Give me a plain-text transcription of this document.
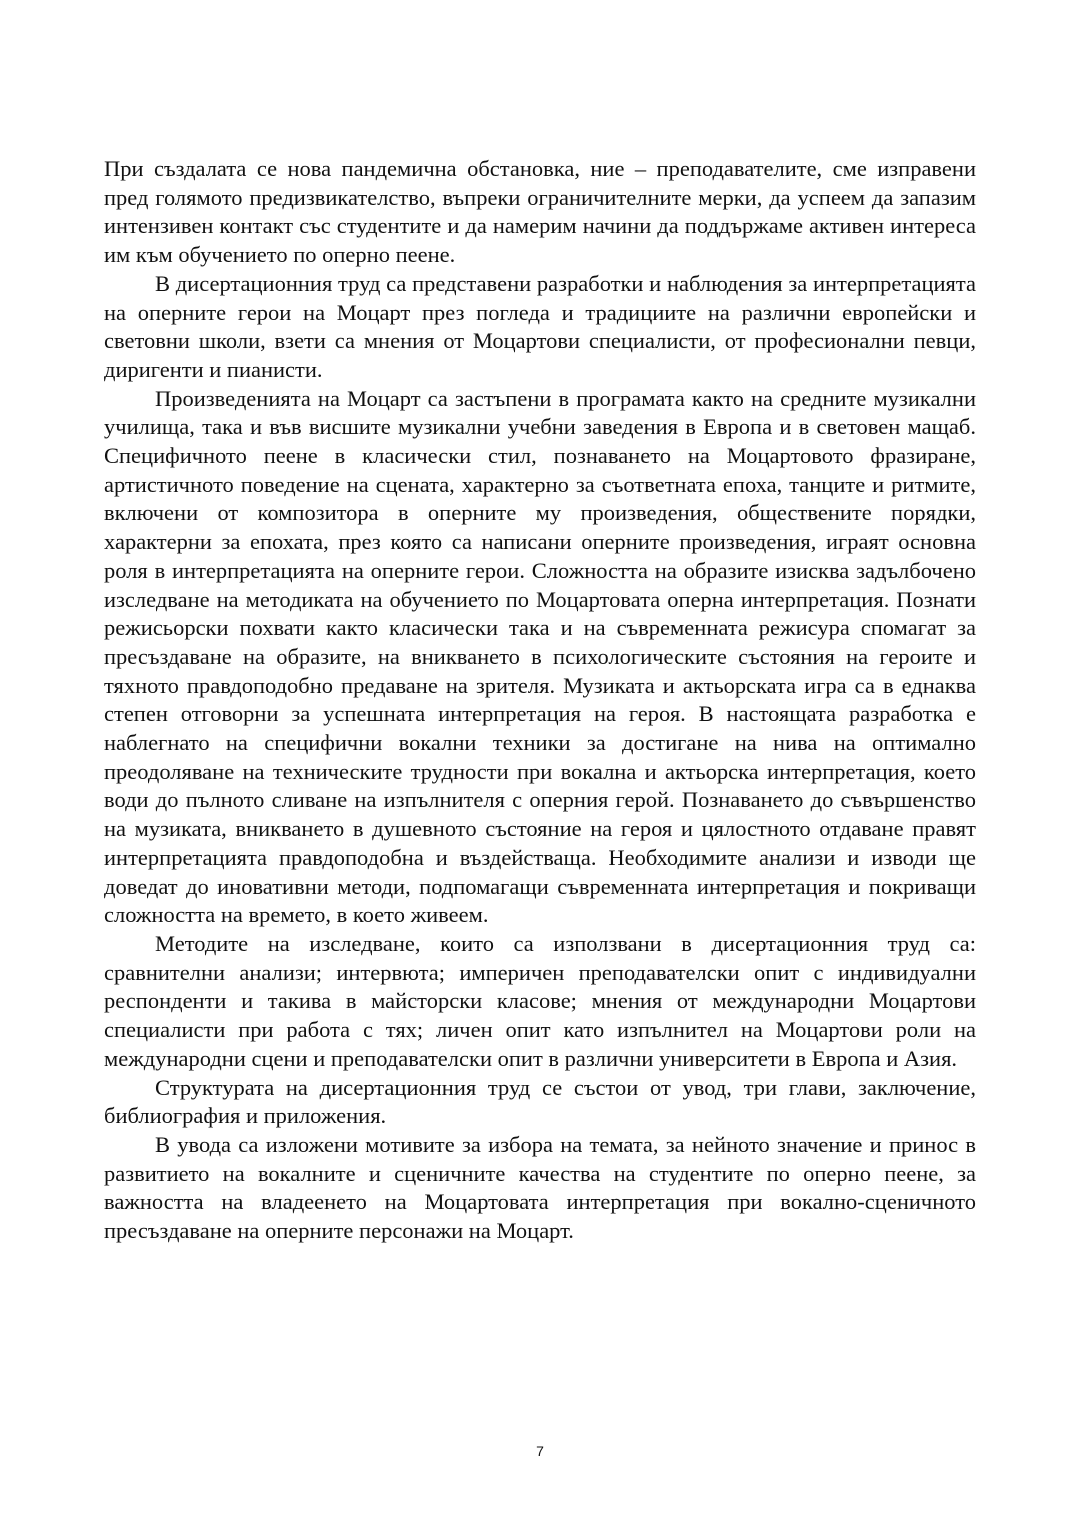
При създалата се нова пандемична обстановка, ние – преподавателите, сме изправени пред голямото предизвикателство, въпреки ограничителните мерки, да успеем да запазим интензивен контакт със студентите и да намерим начини да поддържаме активен интереса им към обучението по оперно пеене.

В дисертационния труд са представени разработки и наблюдения за интерпретацията на оперните герои на Моцарт през погледа и традициите на различни европейски и световни школи, взети са мнения от Моцартови специалисти, от професионални певци, диригенти и пианисти.

Произведенията на Моцарт са застъпени в програмата както на средните музикални училища, така и във висшите музикални учебни заведения в Европа и в световен мащаб. Специфичното пеене в класически стил, познаването на Моцартовото фразиране, артистичното поведение на сцената, характерно за съответната епоха, танците и ритмите, включени от композитора в оперните му произведения, обществените порядки, характерни за епохата, през която са написани оперните произведения, играят основна роля в интерпретацията на оперните герои. Сложността на образите изисква задълбочено изследване на методиката на обучението по Моцартовата оперна интерпретация. Познати режисьорски похвати както класически така и на съвременната режисура спомагат за пресъздаване на образите, на вникването в психологическите състояния на героите и тяхното правдоподобно предаване на зрителя. Музиката и актьорската игра са в еднаква степен отговорни за успешната интерпретация на героя. В настоящата разработка е наблегнато на специфични вокални техники за достигане на нива на оптимално преодоляване на техническите трудности при вокална и актьорска интерпретация, което води до пълното сливане на изпълнителя с оперния герой. Познаването до съвършенство на музиката, вникването в душевното състояние на героя и цялостното отдаване правят интерпретацията правдоподобна и въздействаща. Необходимите анализи и изводи ще доведат до иновативни методи, подпомагащи съвременната интерпретация и покриващи сложността на времето, в което живеем.

Методите на изследване, които са използвани в дисертационния труд са: сравнителни анализи; интервюта; империчен преподавателски опит с индивидуални респонденти и такива в майсторски класове; мнения от международни Моцартови специалисти при работа с тях; личен опит като изпълнител на Моцартови роли на международни сцени и преподавателски опит в различни университети в Европа и Азия.

Структурата на дисертационния труд се състои от увод, три глави, заключение, библиография и приложения.

В увода са изложени мотивите за избора на темата, за нейното значение и принос в развитието на вокалните и сценичните качества на студентите по оперно пеене, за важността на владеенето на Моцартовата интерпретация при вокално-сценичното пресъздаване на оперните персонажи на Моцарт.

7
